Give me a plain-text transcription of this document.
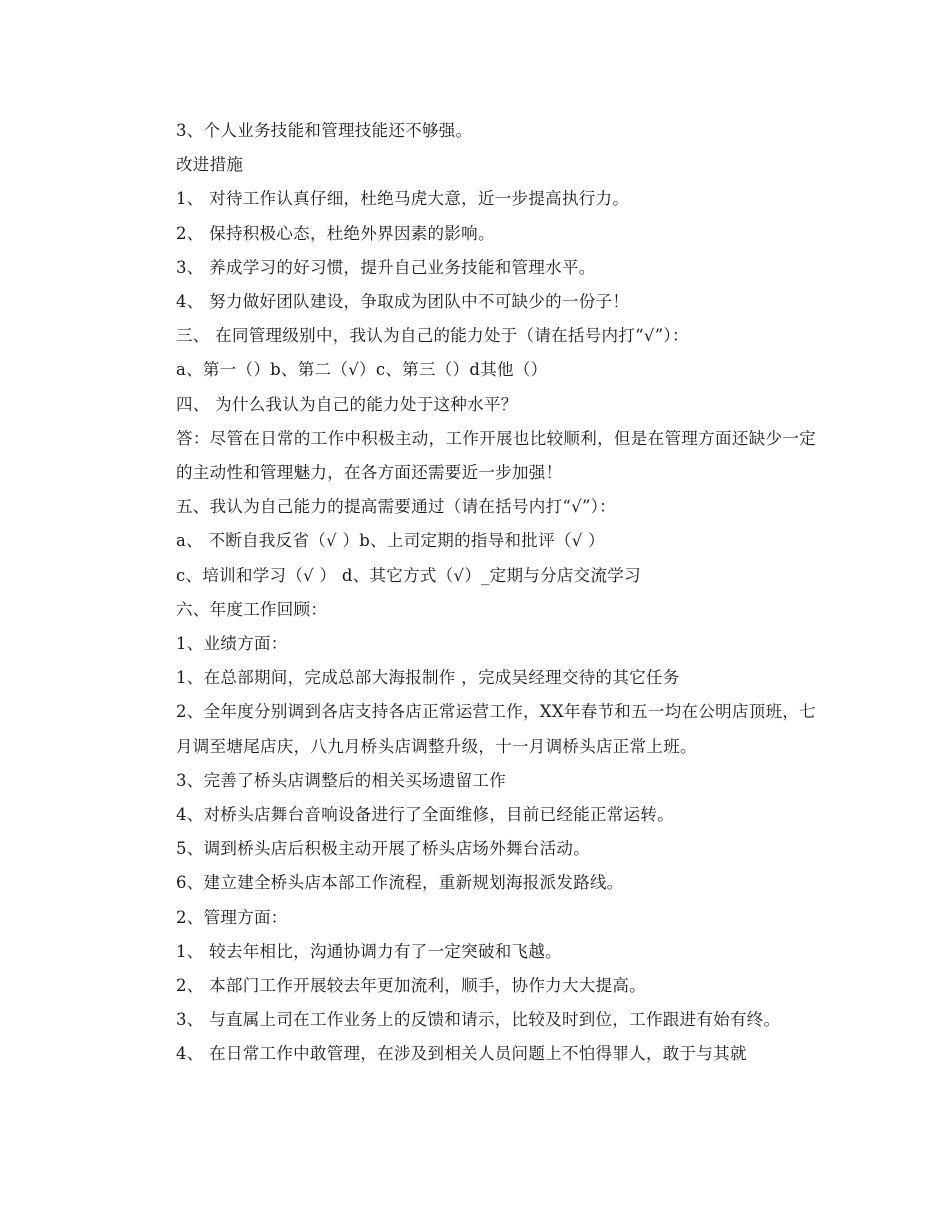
3、个人业务技能和管理技能还不够强。

改进措施

1、 对待工作认真仔细，杜绝马虎大意，近一步提高执行力。

2、 保持积极心态，杜绝外界因素的影响。

3、 养成学习的好习惯，提升自己业务技能和管理水平。

4、 努力做好团队建设，争取成为团队中不可缺少的一份子！

三、 在同管理级别中，我认为自己的能力处于（请在括号内打“√”）：

a、第一（）b、第二（√）c、第三（）d其他（）

四、 为什么我认为自己的能力处于这种水平？

答：尽管在日常的工作中积极主动，工作开展也比较顺利，但是在管理方面还缺少一定的主动性和管理魅力，在各方面还需要近一步加强！

五、我认为自己能力的提高需要通过（请在括号内打“√”）：

a、 不断自我反省（√ ）b、上司定期的指导和批评（√ ）

c、培训和学习（√ ） d、其它方式（√）_定期与分店交流学习

六、年度工作回顾：

1、业绩方面：

1、在总部期间，完成总部大海报制作 ，完成吴经理交待的其它任务

2、全年度分别调到各店支持各店正常运营工作，XX年春节和五一均在公明店顶班，七月调至塘尾店庆，八九月桥头店调整升级，十一月调桥头店正常上班。

3、完善了桥头店调整后的相关买场遗留工作

4、对桥头店舞台音响设备进行了全面维修，目前已经能正常运转。

5、调到桥头店后积极主动开展了桥头店场外舞台活动。

6、建立建全桥头店本部工作流程，重新规划海报派发路线。

2、管理方面：

1、 较去年相比，沟通协调力有了一定突破和飞越。

2、 本部门工作开展较去年更加流利，顺手，协作力大大提高。

3、 与直属上司在工作业务上的反馈和请示，比较及时到位，工作跟进有始有终。

4、 在日常工作中敢管理，在涉及到相关人员问题上不怕得罪人，敢于与其就
